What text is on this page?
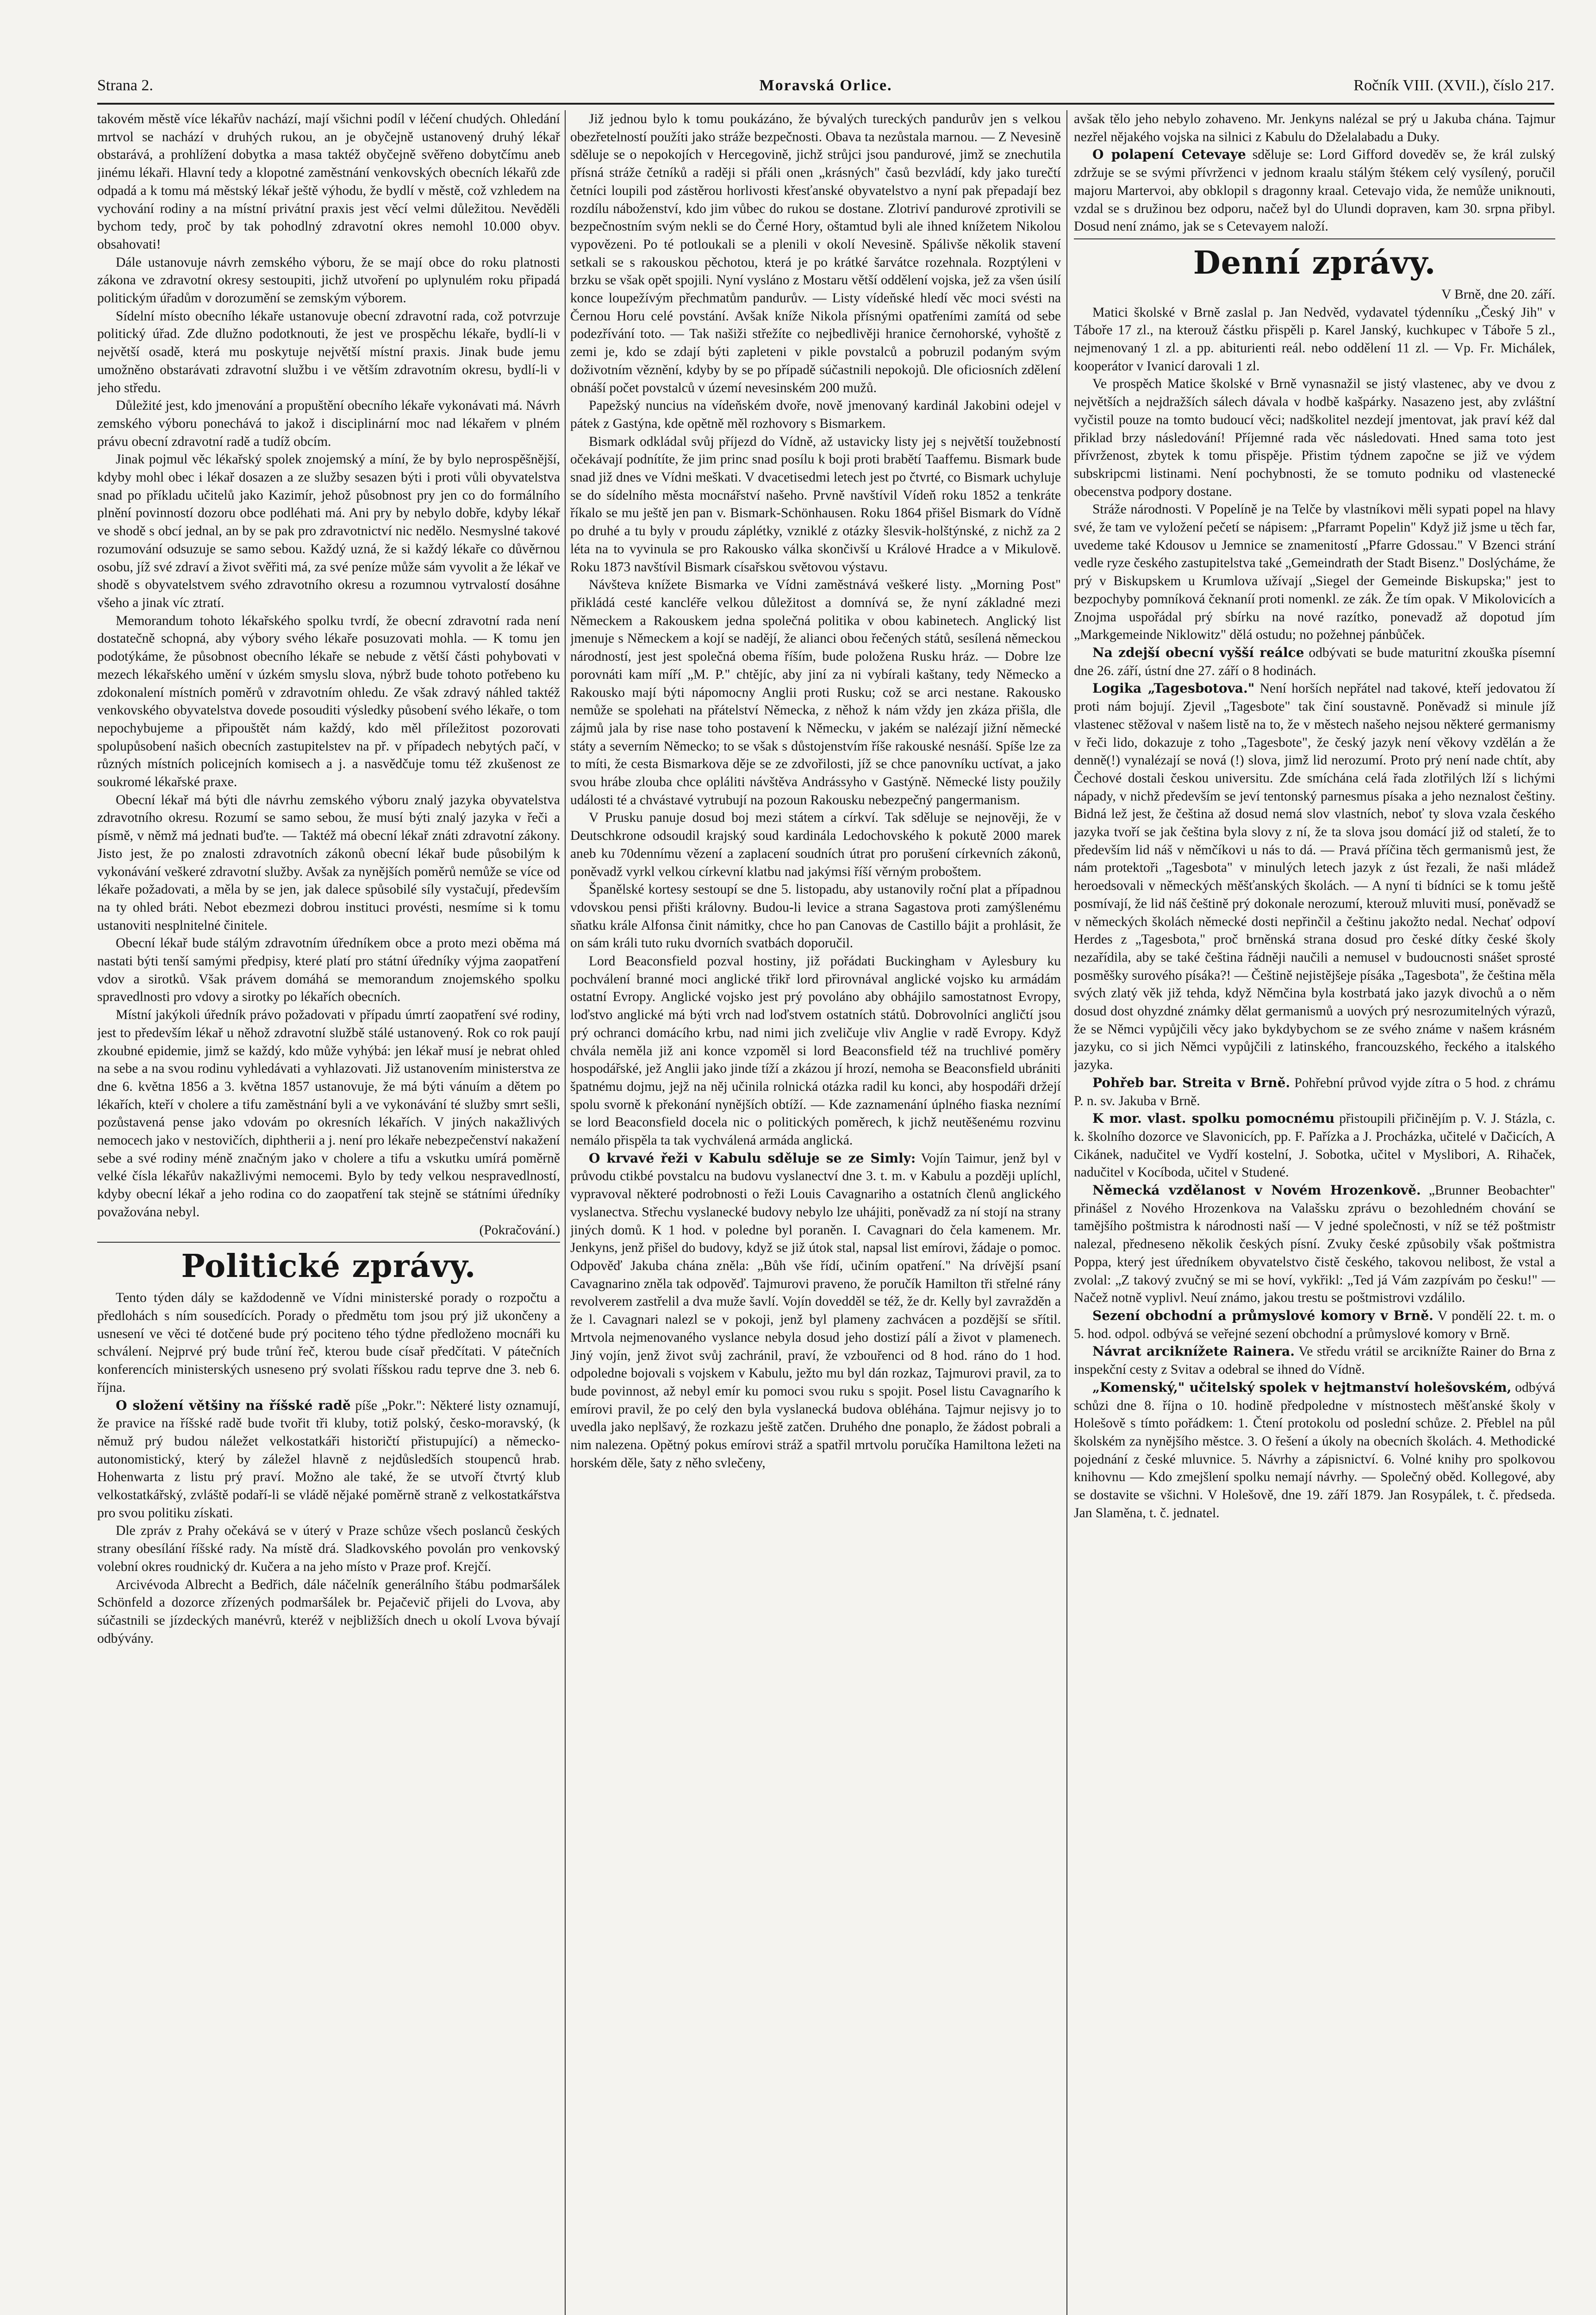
Strana 2.	Moravská Orlice.	Ročník VIII. (XVII.), číslo 217.

takovém městě více lékařův nachází, mají všichni podíl v léčení chudých. Ohledání mrtvol se nachází v druhých rukou, an je obyčejně ustanovený druhý lékař obstarává, a prohlížení dobytka a masa taktéž obyčejně svěřeno dobytčímu aneb jinému lékaři. Hlavní tedy a klopotné zaměstnání venkovských obecních lékařů zde odpadá a k tomu má městský lékař ještě výhodu, že bydlí v městě, což vzhledem na vychování rodiny a na místní privátní praxis jest věcí velmi důležitou. Nevěděli bychom tedy, proč by tak pohodlný zdravotní okres nemohl 10.000 obyv. obsahovati!

Dále ustanovuje návrh zemského výboru, že se mají obce do roku platnosti zákona ve zdravotní okresy sestoupiti, jichž utvoření po uplynulém roku připadá politickým úřadům v dorozumění se zemským výborem.

Sídelní místo obecního lékaře ustanovuje obecní zdravotní rada, což potvrzuje politický úřad. Zde dlužno podotknouti, že jest ve prospěchu lékaře, bydlí-li v největší osadě, která mu poskytuje největší místní praxis. Jinak bude jemu umožněno obstarávati zdravotní službu i ve větším zdravotním okresu, bydlí-li v jeho středu.

Důležité jest, kdo jmenování a propuštění obecního lékaře vykonávati má. Návrh zemského výboru ponechává to jakož i disciplinární moc nad lékařem v plném právu obecní zdravotní radě a tudíž obcím.

Jinak pojmul věc lékařský spolek znojemský a míní, že by bylo neprospěšnější, kdyby mohl obec i lékař dosazen a ze služby sesazen býti i proti vůli obyvatelstva snad po příkladu učitelů jako Kazimír, jehož působnost pry jen co do formálního plnění povinností dozoru obce podléhati má. Ani pry by nebylo dobře, kdyby lékař ve shodě s obcí jednal, an by se pak pro zdravotnictví nic nedělo. Nesmyslné takové rozumování odsuzuje se samo sebou. Každý uzná, že si každý lékaře co důvěrnou osobu, jíž své zdraví a život svěřiti má, za své peníze může sám vyvolit a že lékař ve shodě s obyvatelstvem svého zdravotního okresu a rozumnou vytrvalostí dosáhne všeho a jinak víc ztratí.

Memorandum tohoto lékařského spolku tvrdí, že obecní zdravotní rada není dostatečně schopná, aby výbory svého lékaře posuzovati mohla. — K tomu jen podotýkáme, že působnost obecního lékaře se nebude z větší části pohybovati v mezech lékařského umění v úzkém smyslu slova, nýbrž bude tohoto potřebeno ku zdokonalení místních poměrů v zdravotním ohledu. Ze však zdravý náhled taktéž venkovského obyvatelstva dovede posouditi výsledky působení svého lékaře, o tom nepochybujeme a připouštět nám každý, kdo měl příležitost pozorovati spolupůsobení našich obecních zastupitelstev na př. v případech nebytých pačí, v různých místních policejních komisech a j. a nasvědčuje tomu též zkušenost ze soukromé lékařské praxe.

Obecní lékař má býti dle návrhu zemského výboru znalý jazyka obyvatelstva zdravotního okresu. Rozumí se samo sebou, že musí býti znalý jazyka v řeči a písmě, v němž má jednati buďte. — Taktéž má obecní lékař znáti zdravotní zákony. Jisto jest, že po znalosti zdravotních zákonů obecní lékař bude působilým k vykonávání veškeré zdravotní služby. Avšak za nynějších poměrů nemůže se více od lékaře požadovati, a měla by se jen, jak dalece spůsobilé síly vystačují, především na ty ohled bráti. Nebot ebezmezi dobrou instituci provésti, nesmíme si k tomu ustanoviti nesplnitelné činitele.

Obecní lékař bude stálým zdravotním úředníkem obce a proto mezi oběma má nastati býti tenší samými předpisy, které platí pro státní úředníky výjma zaopatření vdov a sirotků. Však právem domáhá se memorandum znojemského spolku spravedlnosti pro vdovy a sirotky po lékařích obecních.

Místní jakýkoli úředník právo požadovati v případu úmrtí zaopatření své rodiny, jest to především lékař u něhož zdravotní službě stálé ustanovený. Rok co rok paují zkoubné epidemie, jimž se každý, kdo může vyhýbá: jen lékař musí je nebrat ohled na sebe a na svou rodinu vyhledávati a vyhlazovati. Již ustanovením ministerstva ze dne 6. května 1856 a 3. května 1857 ustanovuje, že má býti vánuím a dětem po lékařích, kteří v cholere a tifu zaměstnání byli a ve vykonávání té služby smrt sešli, pozůstavená pense jako vdovám po okresních lékařích. V jiných nakažlivých nemocech jako v nestovičích, diphtherii a j. není pro lékaře nebezpečenství nakažení sebe a své rodiny méně značným jako v cholere a tifu a vskutku umírá poměrně velké čísla lékařův nakažlivými nemocemi. Bylo by tedy velkou nespravedlností, kdyby obecní lékař a jeho rodina co do zaopatření tak stejně se státními úředníky považována nebyl.

(Pokračování.)

Politické zprávy.

Tento týden dály se každodenně ve Vídni ministerské porady o rozpočtu a předlohách s ním sousedících. Porady o předmětu tom jsou prý již ukončeny a usnesení ve věci té dotčené bude prý pociteno tého týdne předloženo mocnáři ku schválení. Nejprvé prý bude trůní řeč, kterou bude císař předčítati. V pátečních konferencích ministerských usneseno prý svolati říšskou radu teprve dne 3. neb 6. října.

O složení většiny na říšské radě píše „Pokr.": Některé listy oznamují, že pravice na říšské radě bude tvořit tři kluby, totiž polský, česko-moravský, (k němuž prý budou náležet velkostatkáři historičtí přistupující) a německo-autonomistický, který by záležel hlavně z nejdůsledších stoupenců hrab. Hohenwarta z listu prý praví. Možno ale také, že se utvoří čtvrtý klub velkostatkářský, zvláště podaří-li se vládě nějaké poměrně straně z velkostatkářstva pro svou politiku získati.

Dle zpráv z Prahy očekává se v úterý v Praze schůze všech poslanců českých strany obesílání říšské rady. Na místě drá. Sladkovského povolán pro venkovský volební okres roudnický dr. Kučera a na jeho místo v Praze prof. Krejčí.

Arcivévoda Albrecht a Bedřich, dále náčelník generálního štábu podmaršálek Schönfeld a dozorce zřízených podmaršálek br. Pejačevič přijeli do Lvova, aby súčastnili se jízdeckých manévrů, kteréž v nejbližších dnech u okolí Lvova bývají odbývány.

Již jednou bylo k tomu poukázáno, že bývalých tureckých pandurův jen s velkou obezřetelností použíti jako stráže bezpečnosti. Obava ta nezůstala marnou. — Z Nevesině sděluje se o nepokojích v Hercegovině, jichž strůjci jsou pandurové, jimž se znechutila přísná stráže četníků a raději si přáli onen „krásných" časů bezvládí, kdy jako turečtí četníci loupili pod zástěrou horlivosti křesťanské obyvatelstvo a nyní pak přepadají bez rozdílu náboženství, kdo jim vůbec do rukou se dostane. Zlotriví pandurové zprotivili se bezpečnostním svým nekli se do Černé Hory, oštamtud byli ale ihned knížetem Nikolou vypovězeni. Po té potloukali se a plenili v okolí Nevesině. Spálivše několik stavení setkali se s rakouskou pěchotou, která je po krátké šarvátce rozehnala. Rozptýleni v brzku se však opět spojili. Nyní vysláno z Mostaru větší oddělení vojska, jež za všen úsilí konce loupežívým přechmatům pandurův. — Listy vídeňské hledí věc moci svésti na Černou Horu celé povstání. Avšak kníže Nikola přísnými opatřeními zamítá od sebe podezřívání toto. — Tak našiži střežíte co nejbedlivěji hranice černohorské, vyhoště z zemi je, kdo se zdají býti zapleteni v pikle povstalců a pobruzil podaným svým doživotním věznění, kdyby by se po případě súčastnili nepokojů. Dle oficiosních zdělení obnáší počet povstalců v území nevesinském 200 mužů.

Papežský nuncius na vídeňském dvoře, nově jmenovaný kardinál Jakobini odejel v pátek z Gastýna, kde opětně měl rozhovory s Bismarkem.

Bismark odkládal svůj příjezd do Vídně, až ustavicky listy jej s největší toužebností očekávají podnítíte, že jim princ snad posílu k boji proti brabětí Taaffemu. Bismark bude snad již dnes ve Vídni meškati. V dvacetisedmi letech jest po čtvrté, co Bismark uchyluje se do sídelního města mocnářství našeho. Prvně navštívil Vídeň roku 1852 a tenkráte říkalo se mu ještě jen pan v. Bismark-Schönhausen. Roku 1864 přišel Bismark do Vídně po druhé a tu byly v proudu záplétky, vzniklé z otázky šlesvik-holštýnské, z nichž za 2 léta na to vyvinula se pro Rakousko válka skončivší u Králové Hradce a v Mikulově. Roku 1873 navštívil Bismark císařskou světovou výstavu.

Návšteva knížete Bismarka ve Vídni zaměstnává veškeré listy. „Morning Post" přikládá cesté kancléře velkou důležitost a domnívá se, že nyní základné mezi Německem a Rakouskem jedna společná politika v obou kabinetech. Anglický list jmenuje s Německem a kojí se nadějí, že alianci obou řečených států, sesílená německou národností, jest jest společná obema říším, bude položena Rusku hráz. — Dobre lze porovnáti kam míří „M. P." chtějíc, aby jiní za ni vybírali kaštany, tedy Německo a Rakousko mají býti nápomocny Anglii proti Rusku; což se arci nestane. Rakousko nemůže se spolehati na přátelství Německa, z něhož k nám vždy jen zkáza přišla, dle zájmů jala by rise nase toho postavení k Německu, v jakém se nalézají jižní německé státy a severním Německo; to se však s důstojenstvím říše rakouské nesnáší. Spíše lze za to míti, že cesta Bismarkova děje se ze zdvořilosti, jíž se chce panovníku uctívat, a jako svou hrábe zlouba chce opláliti návštěva Andrássyho v Gastýně. Německé listy použily události té a chvástavé vytrubují na pozoun Rakousku nebezpečný pangermanism.

V Prusku panuje dosud boj mezi státem a církví. Tak sděluje se nejnověji, že v Deutschkrone odsoudil krajský soud kardinála Ledochovského k pokutě 2000 marek aneb ku 70dennímu vězení a zaplacení soudních útrat pro porušení církevních zákonů, poněvadž vyrkl velkou církevní klatbu nad jakýmsi říší věrným proboštem.

Španělské kortesy sestoupí se dne 5. listopadu, aby ustanovily roční plat a případnou vdovskou pensi přišti královny. Budou-li levice a strana Sagastova proti zamýšlenému sňatku krále Alfonsa činit námitky, chce ho pan Canovas de Castillo bájit a prohlásit, že on sám králi tuto ruku dvorních svatbách doporučil.

Lord Beaconsfield pozval hostiny, již pořádati Buckingham v Aylesbury ku pochválení branné moci anglické třikř lord přirovnával anglické vojsko ku armádám ostatní Evropy. Anglické vojsko jest prý povoláno aby obhájilo samostatnost Evropy, loďstvo anglické má býti vrch nad loďstvem ostatních států. Dobrovolníci angličtí jsou prý ochranci domácího krbu, nad nimi jich zveličuje vliv Anglie v radě Evropy. Když chvála neměla již ani konce vzpoměl si lord Beaconsfield též na truchlivé poměry hospodářské, jež Anglii jako jinde tíží a zkázou jí hrozí, nemoha se Beaconsfield ubrániti špatnému dojmu, jejž na něj učinila rolnická otázka radil ku konci, aby hospodáři držejí spolu svorně k překonání nynějších obtíží. — Kde zaznamenání úplného fiaska neznímí se lord Beaconsfield docela nic o politických poměrech, k jichž neutěšenému rozvinu nemálo přispěla ta tak vychválená armáda anglická.

O krvavé řeži v Kabulu sděluje se ze Simly: Vojín Taimur, jenž byl v průvodu ctikbé povstalcu na budovu vyslanectví dne 3. t. m. v Kabulu a později uplíchl, vypravoval některé podrobnosti o řeži Louis Cavagnariho a ostatních členů anglického vyslanectva. Střechu vyslanecké budovy nebylo lze uhájiti, poněvadž za ní stojí na strany jiných domů. K 1 hod. v poledne byl poraněn. I. Cavagnari do čela kamenem. Mr. Jenkyns, jenž přišel do budovy, když se již útok stal, napsal list emírovi, žádaje o pomoc. Odpověď Jakuba chána zněla: „Bůh vše řídí, učiním opatření." Na drívější psaní Cavagnarino zněla tak odpověď. Tajmurovi praveno, že poručík Hamilton tři střelné rány revolverem zastřelil a dva muže šavlí. Vojín dovedděl se též, že dr. Kelly byl zavražděn a že l. Cavagnari nalezl se v pokoji, jenž byl plameny zachvácen a pozdější se sřítil. Mrtvola nejmenovaného vyslance nebyla dosud jeho dostizí pálí a život v plamenech. Jiný vojín, jenž život svůj zachránil, praví, že vzbouřenci od 8 hod. ráno do 1 hod. odpoledne bojovali s vojskem v Kabulu, ježto mu byl dán rozkaz, Tajmurovi pravil, za to bude povinnost, až nebyl emír ku pomoci svou ruku s spojit. Posel listu Cavagnarího k emírovi pravil, že po celý den byla vyslanecká budova obléhána. Tajmur nejisvy jo to uvedla jako neplšavý, že rozkazu ještě zatčen. Druhého dne ponaplo, že žádost pobrali a nim nalezena. Opětný pokus emírovi stráž a spatřil mrtvolu poručíka Hamiltona ležeti na horském děle, šaty z něho svlečeny,

avšak tělo jeho nebylo zohaveno. Mr. Jenkyns nalézal se prý u Jakuba chána. Tajmur nezřel nějakého vojska na silnici z Kabulu do Dželalabadu a Duky.

O polapení Cetevaye sděluje se: Lord Gifford doveděv se, že král zulský zdržuje se se svými přívrženci v jednom kraalu stálým štékem celý vysílený, poručil majoru Martervoi, aby obklopil s dragonny kraal. Cetevajo vida, že nemůže uniknouti, vzdal se s družinou bez odporu, načež byl do Ulundi dopraven, kam 30. srpna přibyl. Dosud není známo, jak se s Cetevayem naloží.

Denní zprávy.

V Brně, dne 20. září.

Matici školské v Brně zaslal p. Jan Nedvěd, vydavatel týdenníku „Český Jih" v Táboře 17 zl., na kterouž částku přispěli p. Karel Janský, kuchkupec v Táboře 5 zl., nejmenovaný 1 zl. a pp. abiturienti reál. nebo oddělení 11 zl. — Vp. Fr. Michálek, kooperátor v Ivanicí darovali 1 zl.

Ve prospěch Matice školské v Brně vynasnažil se jistý vlastenec, aby ve dvou z největších a nejdražších sálech dávala v hodbě kašpárky. Nasazeno jest, aby zvláštní vyčistil pouze na tomto budoucí věci; nadškolitel nezdejí jmentovat, jak praví kéž dal přiklad brzy následování! Příjemné rada věc následovati. Hned sama toto jest přívrženost, zbytek k tomu přispěje. Přistim týdnem započne se již ve výdem subskripcmi listinami. Není pochybnosti, že se tomuto podniku od vlastenecké obecenstva podpory dostane.

Stráže národnosti. V Popelíně je na Telče by vlastníkovi měli sypati popel na hlavy své, že tam ve vyložení pečetí se nápisem: „Pfarramt Popelin" Když již jsme u těch far, uvedeme také Kdousov u Jemnice se znamenitostí „Pfarre Gdossau." V Bzenci strání vedle ryze českého zastupitelstva také „Gemeindrath der Stadt Bisenz." Doslýcháme, že prý v Biskupskem u Krumlova užívají „Siegel der Gemeinde Biskupska;" jest to bezpochyby pomníková čeknaníí proti nomenkl. ze zák. Že tím opak. V Mikolovicích a Znojma uspořádal prý sbírku na nové razítko, ponevadž až dopotud jím „Markgemeinde Niklowitz" dělá ostudu; no požehnej pánbůček.

Na zdejší obecní vyšší reálce odbývati se bude maturitní zkouška písemní dne 26. září, ústní dne 27. září o 8 hodinách.

Logika „Tagesbotova." Není horších nepřátel nad takové, kteří jedovatou ží proti nám bojují. Zjevil „Tagesbote" tak činí soustavně. Poněvadž si minule jíž vlastenec stěžoval v našem listě na to, že v městech našeho nejsou některé germanismy v řeči lido, dokazuje z toho „Tagesbote", že český jazyk není věkovy vzdělán a že denně(!) vynalézají se nová (!) slova, jimž lid nerozumí. Proto prý není nade chtít, aby Čechové dostali českou universitu. Zde smíchána celá řada zlotřilých lží s lichými nápady, v nichž především se jeví tentonský parnesmus písaka a jeho neznalost češtiny. Bidná lež jest, že čeština až dosud nemá slov vlastních, neboť ty slova vzala českého jazyka tvoří se jak čeština byla slovy z ní, že ta slova jsou domácí již od staletí, že to především lid náš v němčíkovi u nás to dá. — Pravá příčina těch germanismů jest, že nám protektoři „Tagesbota" v minulých letech jazyk z úst řezali, že naši mládež heroedsovali v německých měšťanských školách. — A nyní ti bídníci se k tomu ještě posmívají, že lid náš češtině prý dokonale nerozumí, kterouž mluviti musí, poněvadž se v německých školách německé dosti nepřinčil a češtinu jakožto nedal. Nechať odpoví Herdes z „Tagesbota," proč brněnská strana dosud pro české dítky české školy nezařídila, aby se také čeština řádněji naučili a nemusel v budoucnosti snášet sprosté posměšky surového písáka?! — Češtině nejistějšeje písáka „Tagesbota", že čeština měla svých zlatý věk již tehda, když Němčina byla kostrbatá jako jazyk divochů a o něm dosud dost ohyzdné známky dělat germanismů a uových prý nesrozumitelných výrazů, že se Němci vypůjčili věcy jako bykdybychom se ze svého známe v našem krásném jazyku, co si jich Němci vypůjčili z latinského, francouzského, řeckého a italského jazyka.

Pohřeb bar. Streita v Brně. Pohřební průvod vyjde zítra o 5 hod. z chrámu P. n. sv. Jakuba v Brně.

K mor. vlast. spolku pomocnému přistoupili přičinějím p. V. J. Stázla, c. k. školního dozorce ve Slavonicích, pp. F. Pařízka a J. Procházka, učitelé v Dačicích, A Cikánek, nadučitel ve Vydří kostelní, J. Sobotka, učitel v Myslibori, A. Rihaček, nadučitel v Kocíboda, učitel v Studené.

Německá vzdělanost v Novém Hrozenkově. „Brunner Beobachter" přinášel z Nového Hrozenkova na Valašsku zprávu o bezohledném chování se tamějšího poštmistra k národnosti naší — V jedné společnosti, v níž se též poštmistr nalezal, předneseno několik českých písní. Zvuky české způsobily však poštmistra Poppa, který jest úředníkem obyvatelstvo čistě českého, takovou nelibost, že vstal a zvolal: „Z takový zvučný se mi se hoví, vykřikl: „Ted já Vám zazpívám po česku!" — Načež notně vyplivl. Neuí známo, jakou trestu se poštmistrovi vzdálilo.

Sezení obchodní a průmyslové komory v Brně. V pondělí 22. t. m. o 5. hod. odpol. odbývá se veřejné sezení obchodní a průmyslové komory v Brně.

Návrat arciknížete Rainera. Ve středu vrátil se arciknížte Rainer do Brna z inspekční cesty z Svitav a odebral se ihned do Vídně.

„Komenský," učitelský spolek v hejtmanství holešovském, odbývá schůzi dne 8. října o 10. hodině předpoledne v místnostech měšťanské školy v Holešově s tímto pořádkem: 1. Čtení protokolu od poslední schůze. 2. Přeblel na půl školském za nynějšího městce. 3. O řešení a úkoly na obecních školách. 4. Methodické pojednání z české mluvnice. 5. Návrhy a zápisnictví. 6. Volné knihy pro spolkovou knihovnu — Kdo zmejšlení spolku nemají návrhy. — Společný oběd. Kollegové, aby se dostavite se všichni. V Holešově, dne 19. září 1879. Jan Rosypálek, t. č. předseda. Jan Slaměna, t. č. jednatel.
